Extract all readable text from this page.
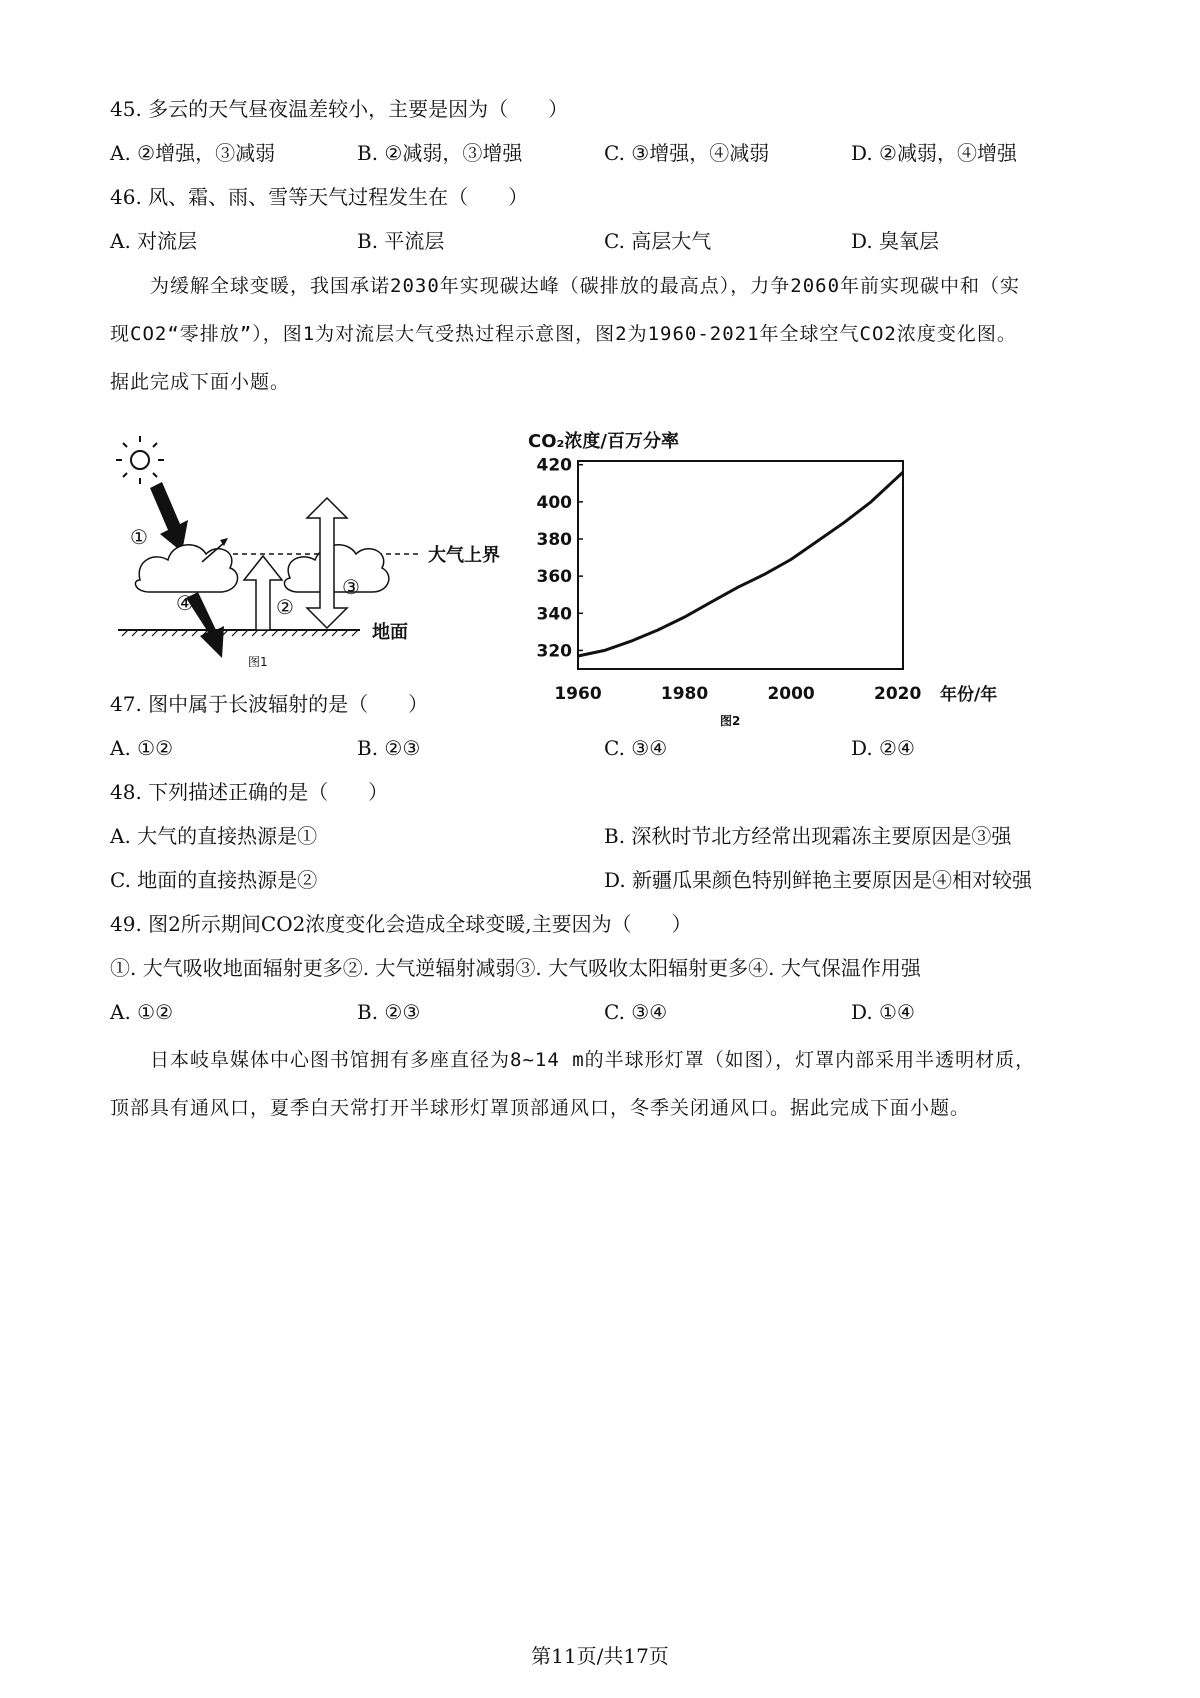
45. 多云的天气昼夜温差较小，主要是因为（　　）
A. ②增强，③减弱	B. ②减弱，③增强	C. ③增强，④减弱	D. ②减弱，④增强
46. 风、霜、雨、雪等天气过程发生在（　　）
A. 对流层	B. 平流层	C. 高层大气	D. 臭氧层

为缓解全球变暖，我国承诺2030年实现碳达峰（碳排放的最高点），力争2060年前实现碳中和（实

现CO2“零排放”），图1为对流层大气受热过程示意图，图2为1960-2021年全球空气CO2浓度变化图。

据此完成下面小题。

大气上界
①
④
地面
②
③
图1
CO₂浓度/百万分率
320
340
360
380
400
420
1960	1980	2000	2020 年份/年
图2
47. 图中属于长波辐射的是（　　）
A. ①②	B. ②③	C. ③④	D. ②④
48. 下列描述正确的是（　　）
A. 大气的直接热源是①	B. 深秋时节北方经常出现霜冻主要原因是③强
C. 地面的直接热源是②	D. 新疆瓜果颜色特别鲜艳主要原因是④相对较强
49. 图2所示期间CO2浓度变化会造成全球变暖,主要因为（　　）
①. 大气吸收地面辐射更多②. 大气逆辐射减弱③. 大气吸收太阳辐射更多④. 大气保温作用强
A. ①②	B. ②③	C. ③④	D. ①④

日本岐阜媒体中心图书馆拥有多座直径为8~14 m的半球形灯罩（如图），灯罩内部采用半透明材质，

顶部具有通风口，夏季白天常打开半球形灯罩顶部通风口，冬季关闭通风口。据此完成下面小题。

第11页/共17页
